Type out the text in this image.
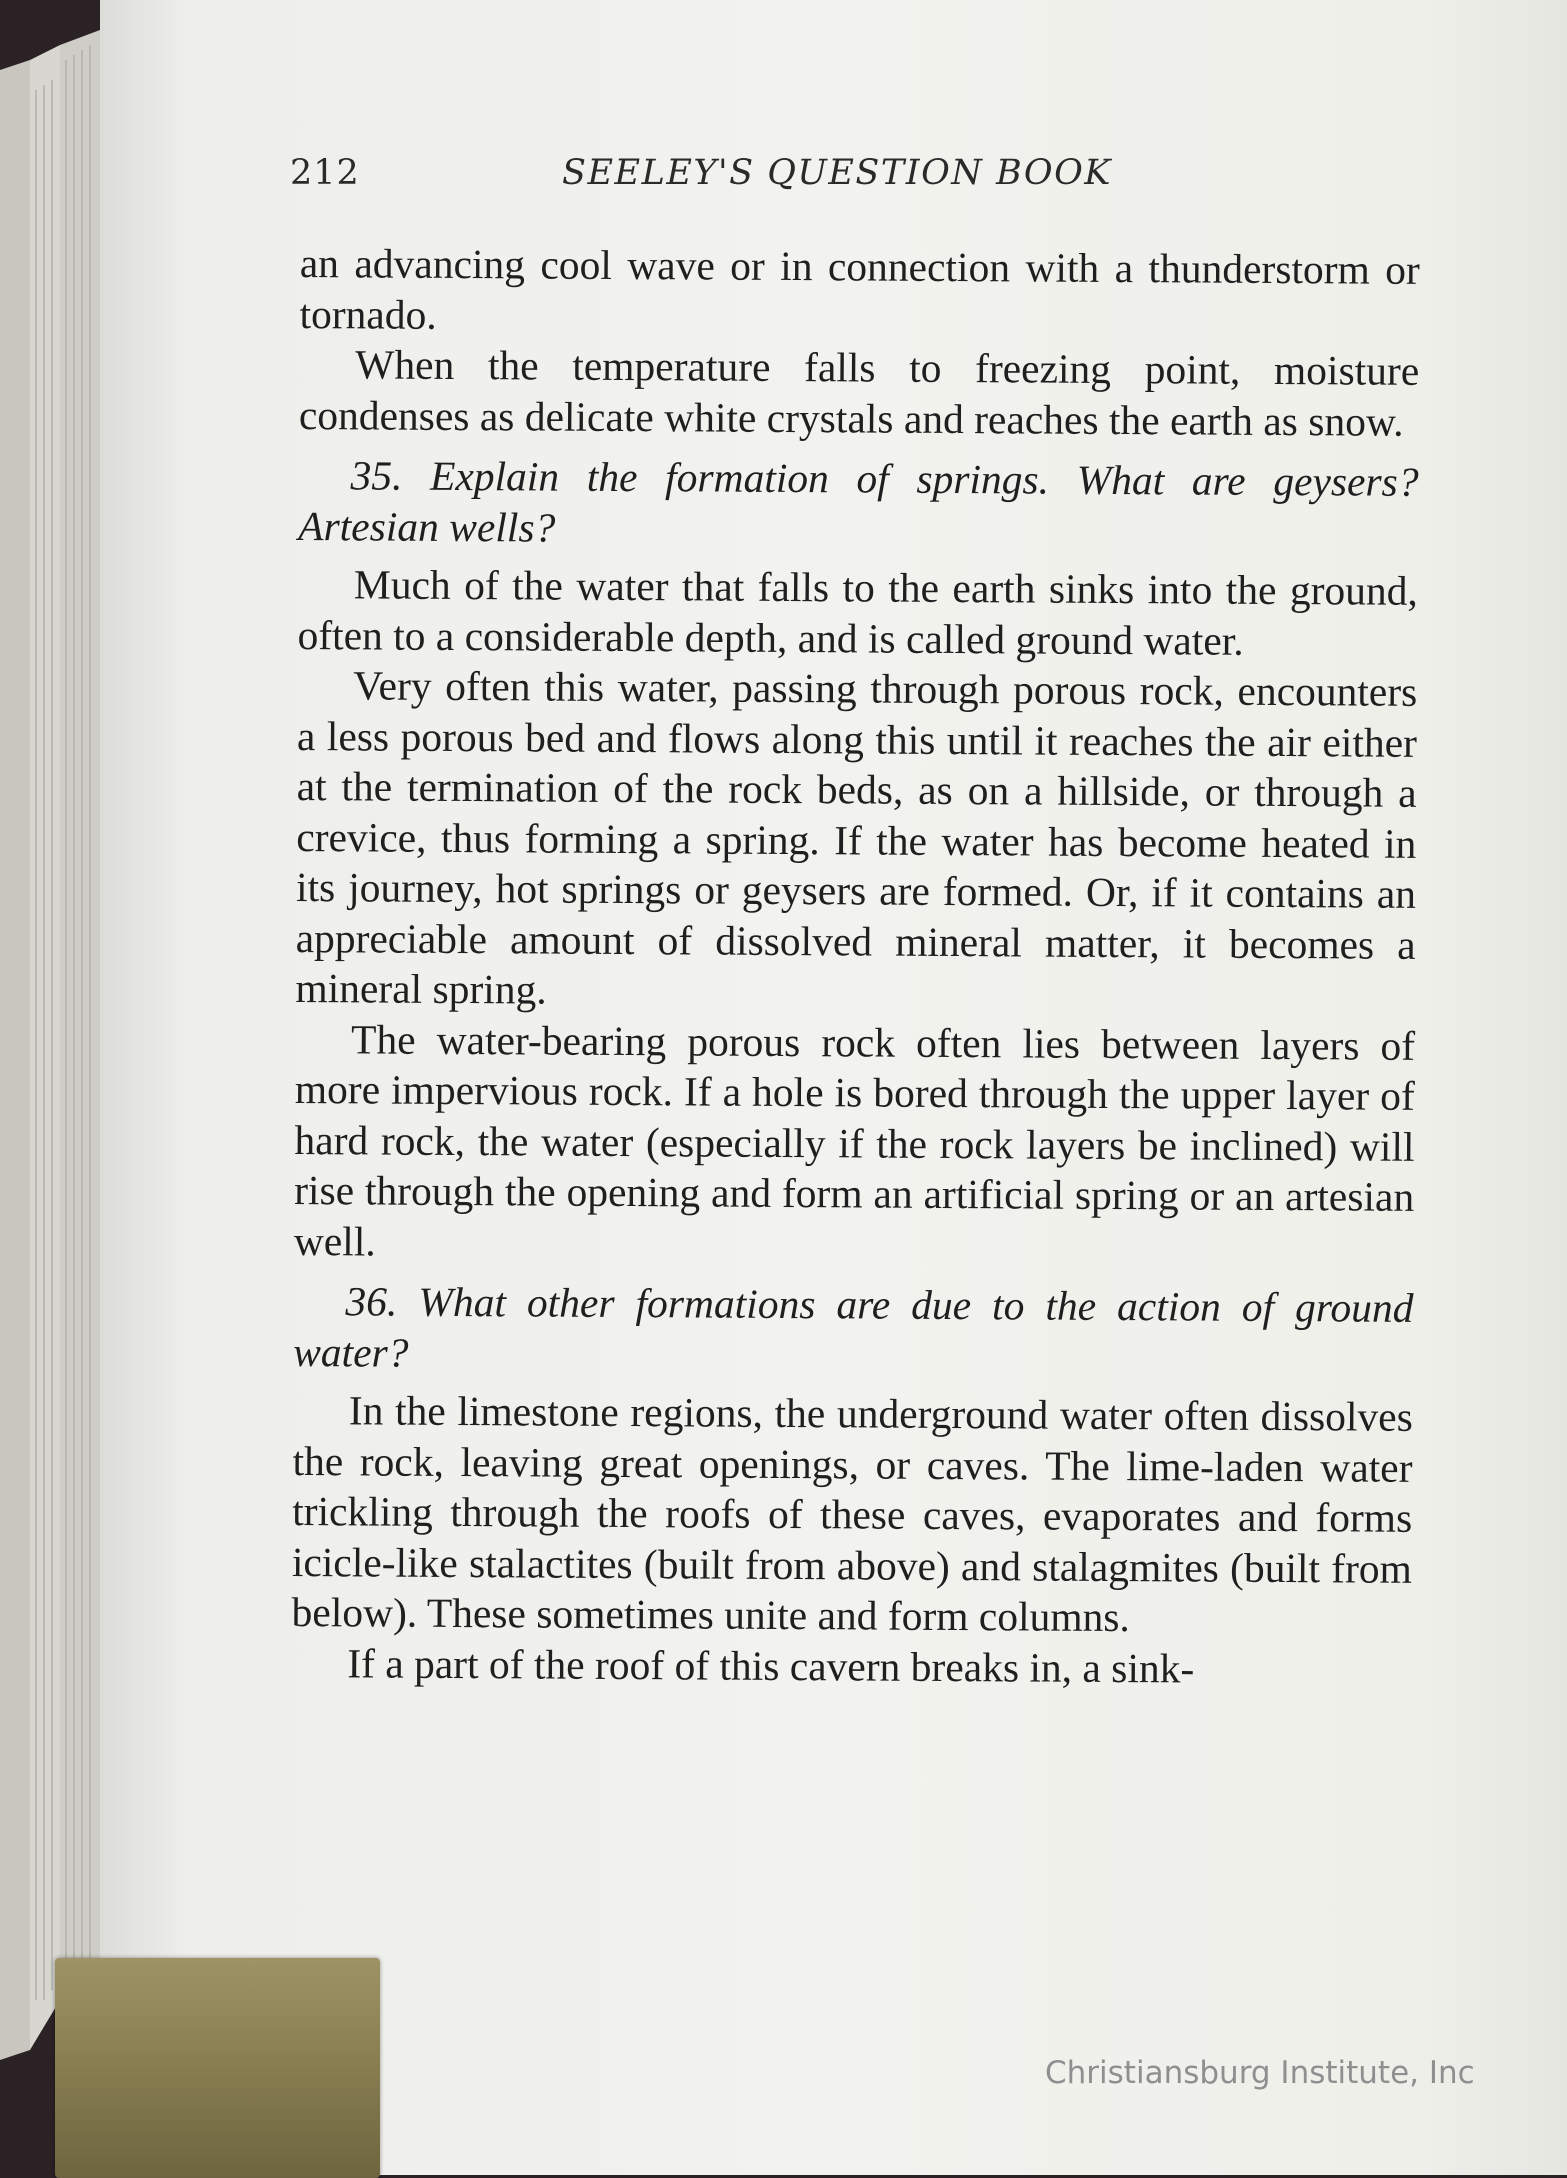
212	SEELEY'S QUESTION BOOK

an advancing cool wave or in connection with a thunderstorm or tornado.

When the temperature falls to freezing point, moisture condenses as delicate white crystals and reaches the earth as snow.

35. Explain the formation of springs. What are geysers? Artesian wells?

Much of the water that falls to the earth sinks into the ground, often to a considerable depth, and is called ground water.

Very often this water, passing through porous rock, encounters a less porous bed and flows along this until it reaches the air either at the termination of the rock beds, as on a hillside, or through a crevice, thus forming a spring. If the water has become heated in its journey, hot springs or geysers are formed. Or, if it contains an appreciable amount of dissolved mineral matter, it becomes a mineral spring.

The water-bearing porous rock often lies between layers of more impervious rock. If a hole is bored through the upper layer of hard rock, the water (especially if the rock layers be inclined) will rise through the opening and form an artificial spring or an artesian well.

36. What other formations are due to the action of ground water?

In the limestone regions, the underground water often dissolves the rock, leaving great openings, or caves. The lime-laden water trickling through the roofs of these caves, evaporates and forms icicle-like stalactites (built from above) and stalagmites (built from below). These sometimes unite and form columns.

If a part of the roof of this cavern breaks in, a sink-

Christiansburg Institute, Inc
